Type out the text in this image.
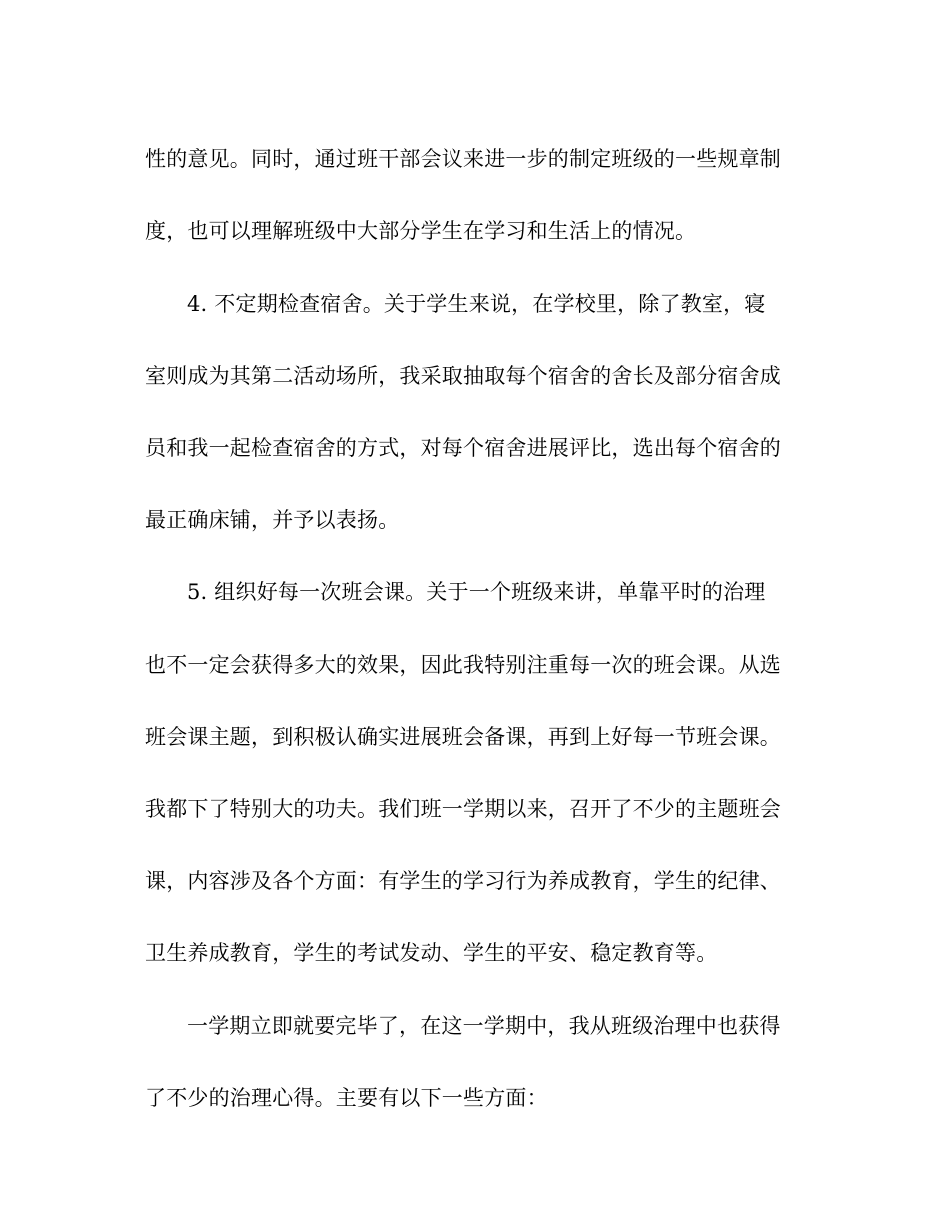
性的意见。同时，通过班干部会议来进一步的制定班级的一些规章制
度，也可以理解班级中大部分学生在学习和生活上的情况。
4. 不定期检查宿舍。关于学生来说，在学校里，除了教室，寝
室则成为其第二活动场所，我采取抽取每个宿舍的舍长及部分宿舍成
员和我一起检查宿舍的方式，对每个宿舍进展评比，选出每个宿舍的
最正确床铺，并予以表扬。
5. 组织好每一次班会课。关于一个班级来讲，单靠平时的治理
也不一定会获得多大的效果，因此我特别注重每一次的班会课。从选
班会课主题，到积极认确实进展班会备课，再到上好每一节班会课。
我都下了特别大的功夫。我们班一学期以来，召开了不少的主题班会
课，内容涉及各个方面：有学生的学习行为养成教育，学生的纪律、
卫生养成教育，学生的考试发动、学生的平安、稳定教育等。
一学期立即就要完毕了，在这一学期中，我从班级治理中也获得
了不少的治理心得。主要有以下一些方面：
